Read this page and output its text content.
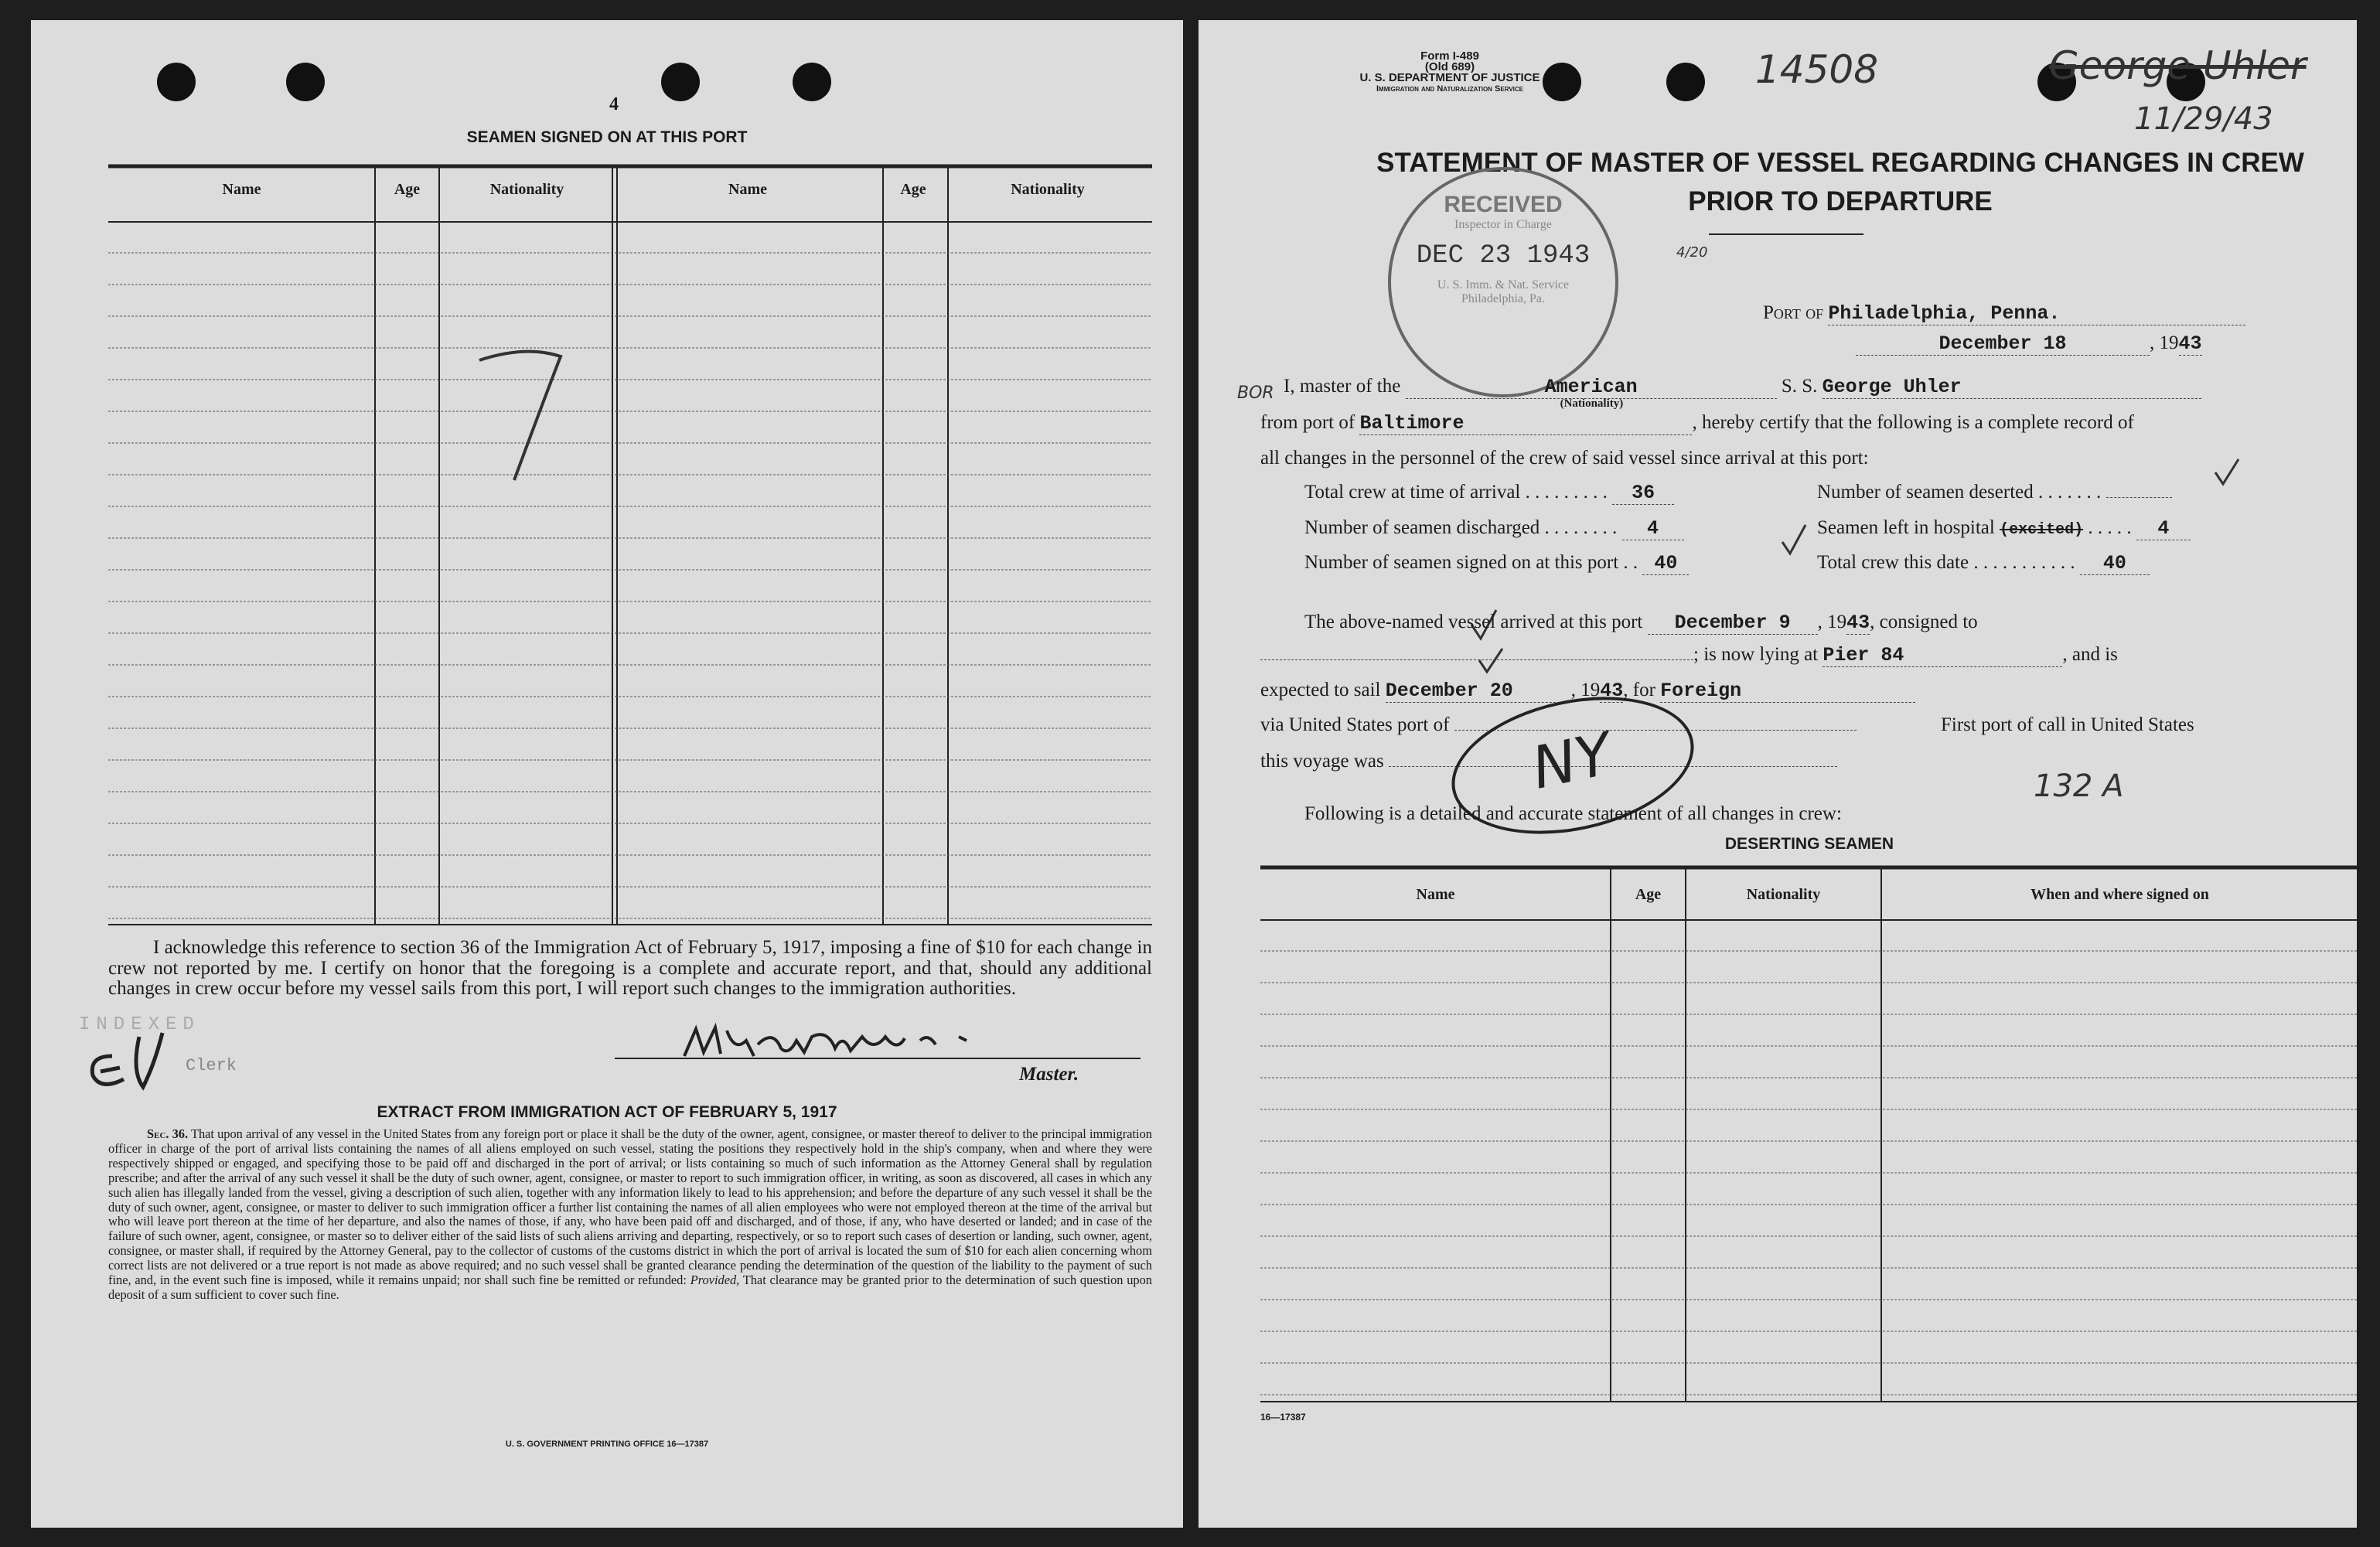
4
SEAMEN SIGNED ON AT THIS PORT
Name	Age	Nationality	Name	Age	Nationality
I acknowledge this reference to section 36 of the Immigration Act of February 5, 1917, imposing a fine of $10 for each change in crew not reported by me. I certify on honor that the foregoing is a complete and accurate report, and that, should any additional changes in crew occur before my vessel sails from this port, I will report such changes to the immigration authorities.
INDEXED
Clerk	Master.
EXTRACT FROM IMMIGRATION ACT OF FEBRUARY 5, 1917
Sec. 36. That upon arrival of any vessel in the United States from any foreign port or place it shall be the duty of the owner, agent, consignee, or master thereof to deliver to the principal immigration officer in charge of the port of arrival lists containing the names of all aliens employed on such vessel, stating the positions they respectively hold in the ship's company, when and where they were respectively shipped or engaged, and specifying those to be paid off and discharged in the port of arrival; or lists containing so much of such information as the Attorney General shall by regulation prescribe; and after the arrival of any such vessel it shall be the duty of such owner, agent, consignee, or master to report to such immigration officer, in writing, as soon as discovered, all cases in which any such alien has illegally landed from the vessel, giving a description of such alien, together with any information likely to lead to his apprehension; and before the departure of any such vessel it shall be the duty of such owner, agent, consignee, or master to deliver to such immigration officer a further list containing the names of all alien employees who were not employed thereon at the time of the arrival but who will leave port thereon at the time of her departure, and also the names of those, if any, who have been paid off and discharged, and of those, if any, who have deserted or landed; and in case of the failure of such owner, agent, consignee, or master so to deliver either of the said lists of such aliens arriving and departing, respectively, or so to report such cases of desertion or landing, such owner, agent, consignee, or master shall, if required by the Attorney General, pay to the collector of customs of the customs district in which the port of arrival is located the sum of $10 for each alien concerning whom correct lists are not delivered or a true report is not made as above required; and no such vessel shall be granted clearance pending the determination of the question of the liability to the payment of such fine, and, in the event such fine is imposed, while it remains unpaid; nor shall such fine be remitted or refunded: Provided, That clearance may be granted prior to the determination of such question upon deposit of a sum sufficient to cover such fine.
U. S. GOVERNMENT PRINTING OFFICE 16—17387
Form I-489
(Old 689)
U. S. DEPARTMENT OF JUSTICE
Immigration and Naturalization Service	14508	George Uhler
11/29/43
STATEMENT OF MASTER OF VESSEL REGARDING CHANGES IN CREW
PRIOR TO DEPARTURE
RECEIVED
Inspector in Charge
DEC 23 1943
U. S. Imm. & Nat. Service
Philadelphia, Pa.
4/20
Port of Philadelphia, Penna.
December 18	, 1943
BOR I, master of the	American
(Nationality)
S. S. George Uhler
from port of Baltimore	, hereby certify that the following is a complete record of
all changes in the personnel of the crew of said vessel since arrival at this port:
Total crew at time of arrival . . . . . . . . . 36	Number of seamen deserted . . . . . . .
Number of seamen discharged . . . . . . . . 4	Seamen left in hospital (excited) . . . . . 4
Number of seamen signed on at this port . . 40	Total crew this date . . . . . . . . . . . 40
The above-named vessel arrived at this port December 9 , 1943, consigned to
; is now lying at Pier 84	, and is
expected to sail December 20	, 1943, for Foreign
via United States port of	First port of call in United States
this voyage was	NY	132 A
Following is a detailed and accurate statement of all changes in crew:
DESERTING SEAMEN
Name	Age	Nationality	When and where signed on
16—17387
